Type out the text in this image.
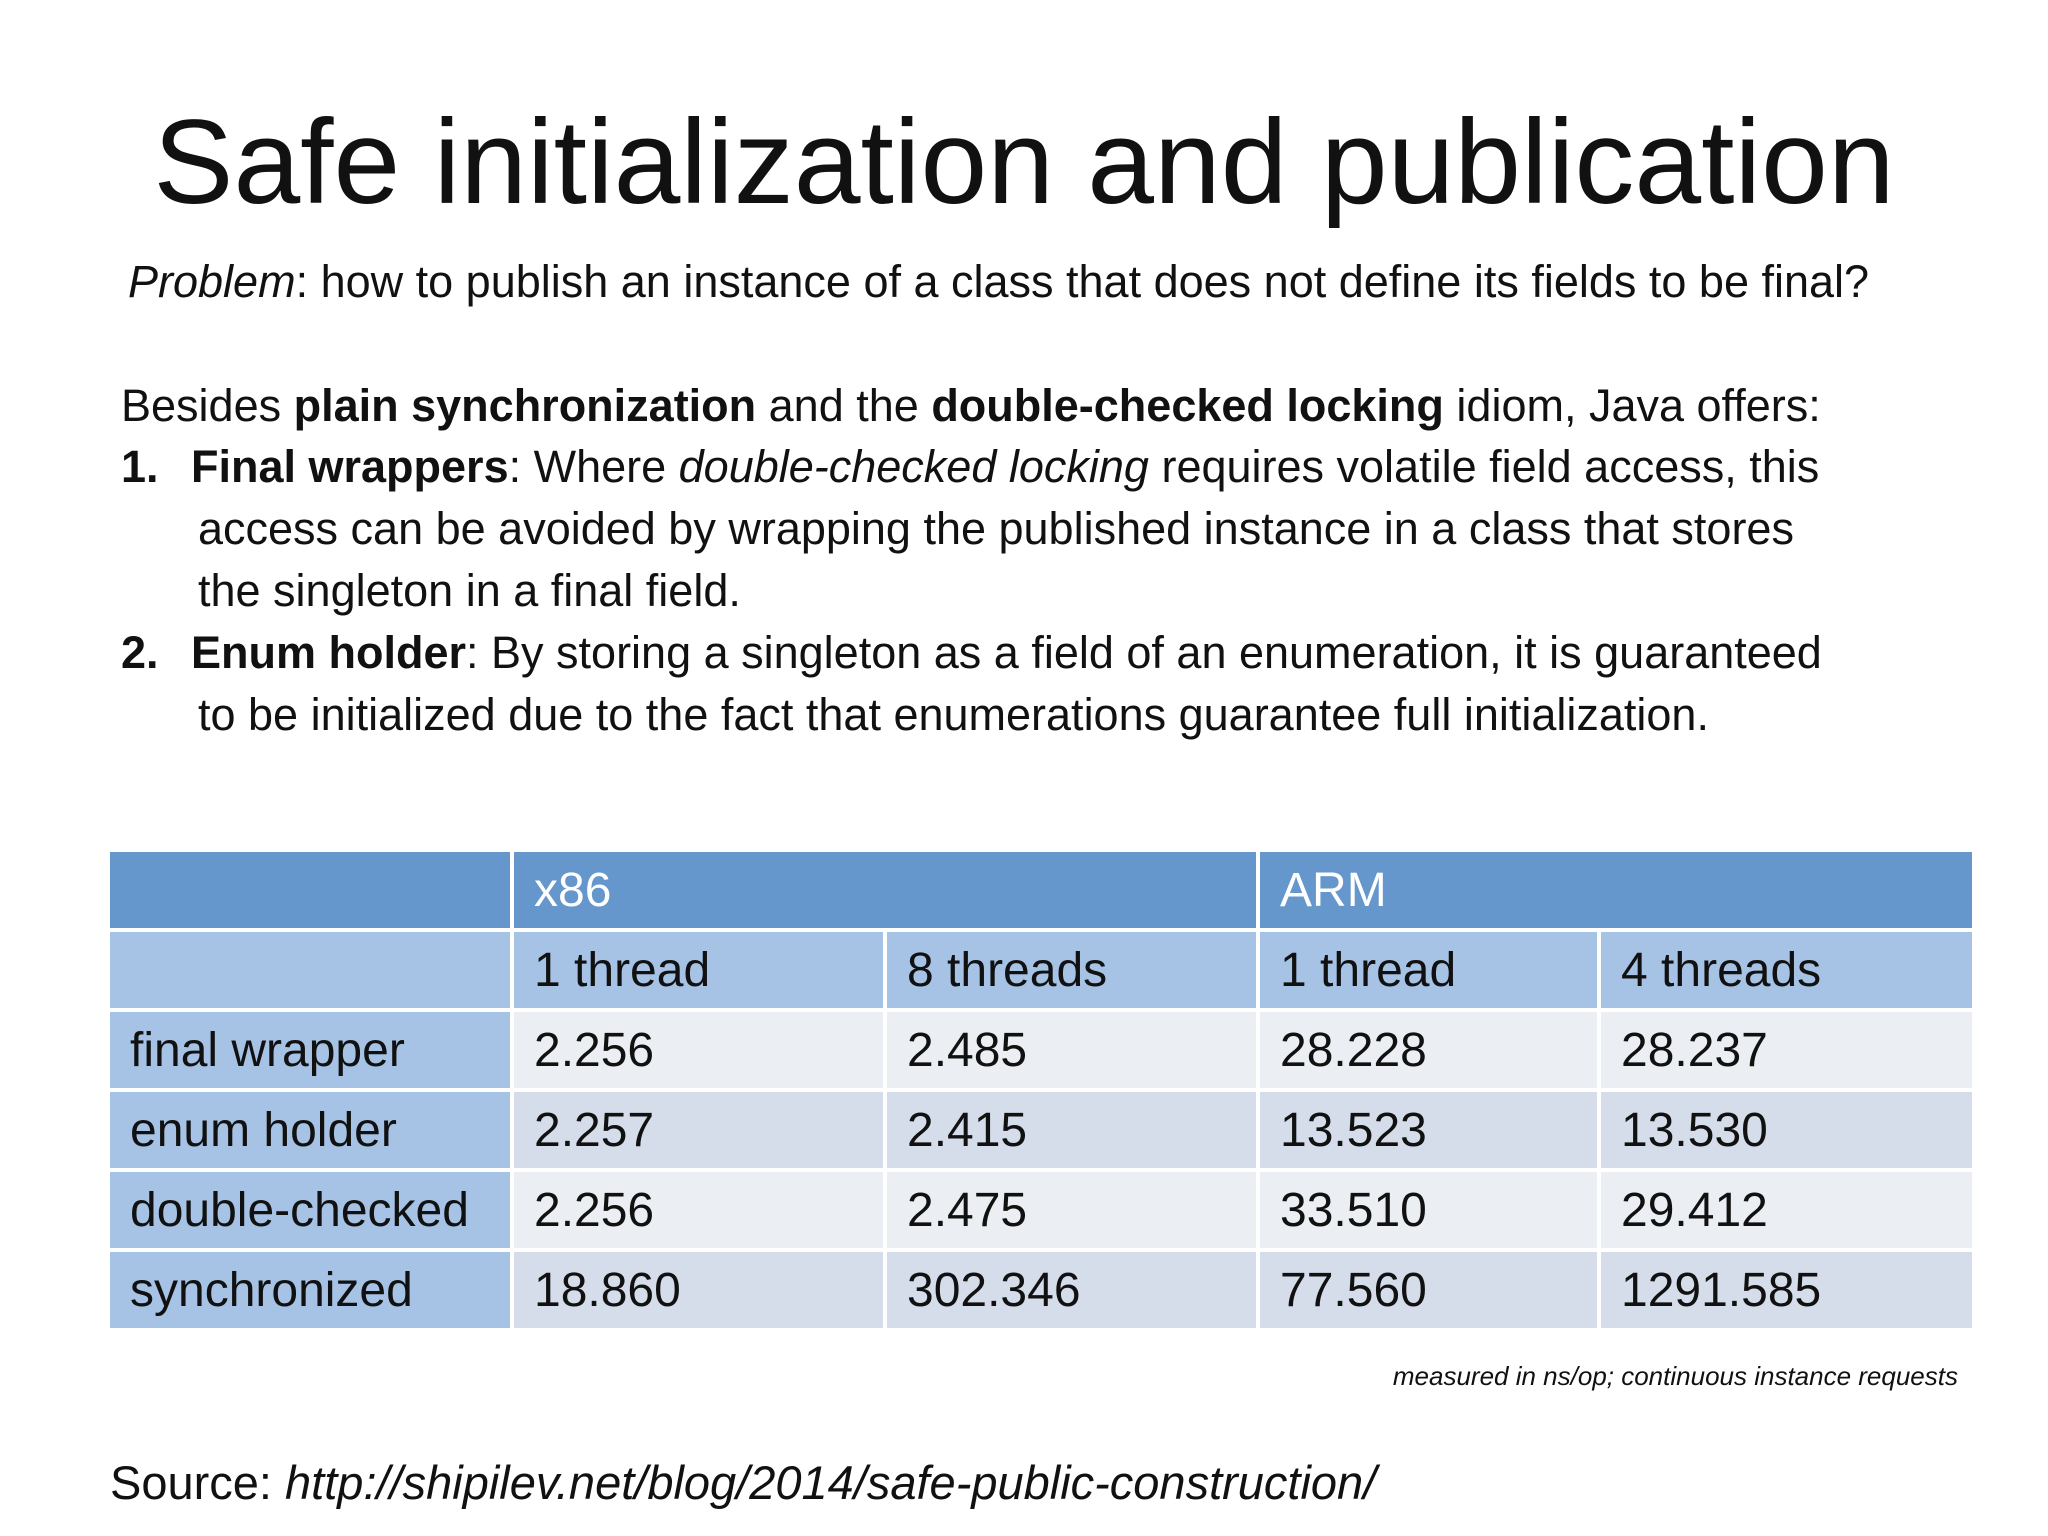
Safe initialization and publication
Problem: how to publish an instance of a class that does not define its fields to be final?
Besides plain synchronization and the double-checked locking idiom, Java offers:
1. Final wrappers: Where double-checked locking requires volatile field access, this
access can be avoided by wrapping the published instance in a class that stores
the singleton in a final field.
2. Enum holder: By storing a singleton as a field of an enumeration, it is guaranteed
to be initialized due to the fact that enumerations guarantee full initialization.
	x86		ARM	
	1 thread	8 threads	1 thread	4 threads
final wrapper	2.256	2.485	28.228	28.237
enum holder	2.257	2.415	13.523	13.530
double-checked	2.256	2.475	33.510	29.412
synchronized	18.860	302.346	77.560	1291.585
measured in ns/op; continuous instance requests
Source: http://shipilev.net/blog/2014/safe-public-construction/
